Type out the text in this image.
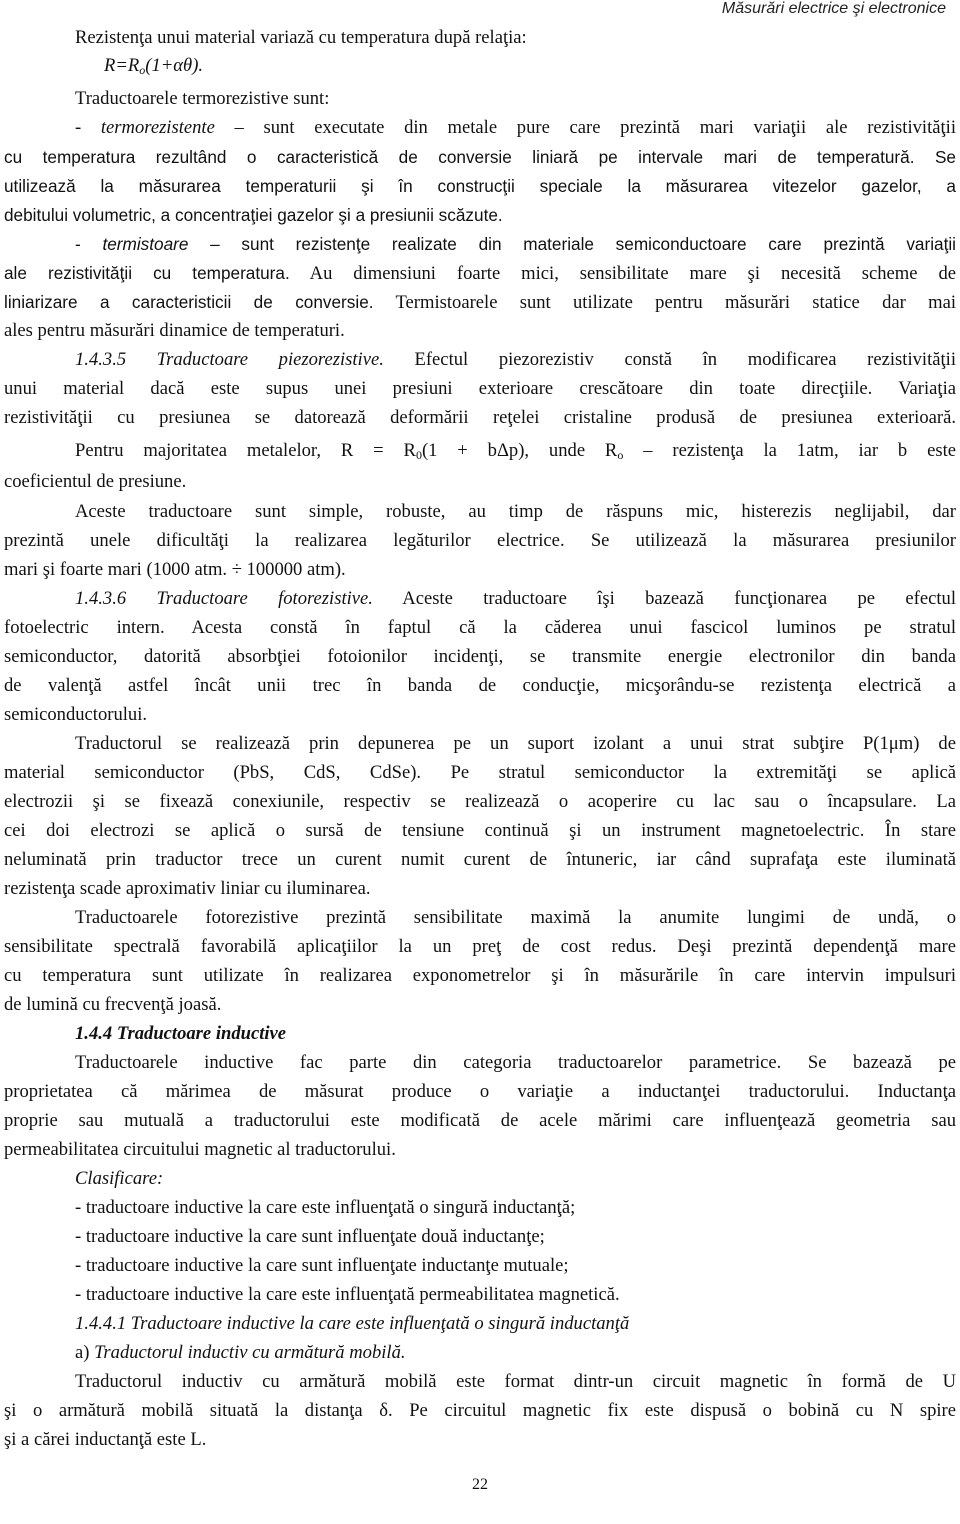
Măsurări electrice şi electronice
Rezistenţa unui material variază cu temperatura după relaţia:
$R=R_o(1+\alpha\theta)$.
Traductoarele termorezistive sunt:
- termorezistente – sunt executate din metale pure care prezintă mari variaţii ale rezistivităţii
cu temperatura rezultând o caracteristică de conversie liniară pe intervale mari de temperatură. Se
utilizează la măsurarea temperaturii şi în construcţii speciale la măsurarea vitezelor gazelor, a
debitului volumetric, a concentraţiei gazelor şi a presiunii scăzute.
- termistoare – sunt rezistenţe realizate din materiale semiconductoare care prezintă variaţii
ale rezistivităţii cu temperatura. Au dimensiuni foarte mici, sensibilitate mare şi necesită scheme de
liniarizare a caracteristicii de conversie. Termistoarele sunt utilizate pentru măsurări statice dar mai
ales pentru măsurări dinamice de temperaturi.
1.4.3.5 Traductoare piezorezistive. Efectul piezorezistiv constă în modificarea rezistivităţii
unui material dacă este supus unei presiuni exterioare crescătoare din toate direcţiile. Variaţia
rezistivităţii cu presiunea se datorează deformării reţelei cristaline produsă de presiunea exterioară.
Pentru majoritatea metalelor, $R = R_0(1 + b\Delta p)$, unde $R_o$ – rezistenţa la 1atm, iar b este
coeficientul de presiune.
Aceste traductoare sunt simple, robuste, au timp de răspuns mic, histerezis neglijabil, dar
prezintă unele dificultăţi la realizarea legăturilor electrice. Se utilizează la măsurarea presiunilor
mari şi foarte mari (1000 atm. ÷ 100000 atm).
1.4.3.6 Traductoare fotorezistive. Aceste traductoare îşi bazează funcţionarea pe efectul
fotoelectric intern. Acesta constă în faptul că la căderea unui fascicol luminos pe stratul
semiconductor, datorită absorbţiei fotoionilor incidenţi, se transmite energie electronilor din banda
de valenţă astfel încât unii trec în banda de conducţie, micşorându-se rezistenţa electrică a
semiconductorului.
Traductorul se realizează prin depunerea pe un suport izolant a unui strat subţire P(1μm) de
material semiconductor (PbS, CdS, CdSe). Pe stratul semiconductor la extremităţi se aplică
electrozii şi se fixează conexiunile, respectiv se realizează o acoperire cu lac sau o încapsulare. La
cei doi electrozi se aplică o sursă de tensiune continuă şi un instrument magnetoelectric. În stare
neluminată prin traductor trece un curent numit curent de întuneric, iar când suprafaţa este iluminată
rezistenţa scade aproximativ liniar cu iluminarea.
Traductoarele fotorezistive prezintă sensibilitate maximă la anumite lungimi de undă, o
sensibilitate spectrală favorabilă aplicaţiilor la un preţ de cost redus. Deşi prezintă dependenţă mare
cu temperatura sunt utilizate în realizarea exponometrelor şi în măsurările în care intervin impulsuri
de lumină cu frecvenţă joasă.
1.4.4 Traductoare inductive
Traductoarele inductive fac parte din categoria traductoarelor parametrice. Se bazează pe
proprietatea că mărimea de măsurat produce o variaţie a inductanţei traductorului. Inductanţa
proprie sau mutuală a traductorului este modificată de acele mărimi care influenţează geometria sau
permeabilitatea circuitului magnetic al traductorului.
Clasificare:
- traductoare inductive la care este influenţată o singură inductanţă;
- traductoare inductive la care sunt influenţate două inductanţe;
- traductoare inductive la care sunt influenţate inductanţe mutuale;
- traductoare inductive la care este influenţată permeabilitatea magnetică.
1.4.4.1 Traductoare inductive la care este influenţată o singură inductanţă
a) Traductorul inductiv cu armătură mobilă.
Traductorul inductiv cu armătură mobilă este format dintr-un circuit magnetic în formă de U
şi o armătură mobilă situată la distanţa δ. Pe circuitul magnetic fix este dispusă o bobină cu N spire
şi a cărei inductanţă este L.
22
